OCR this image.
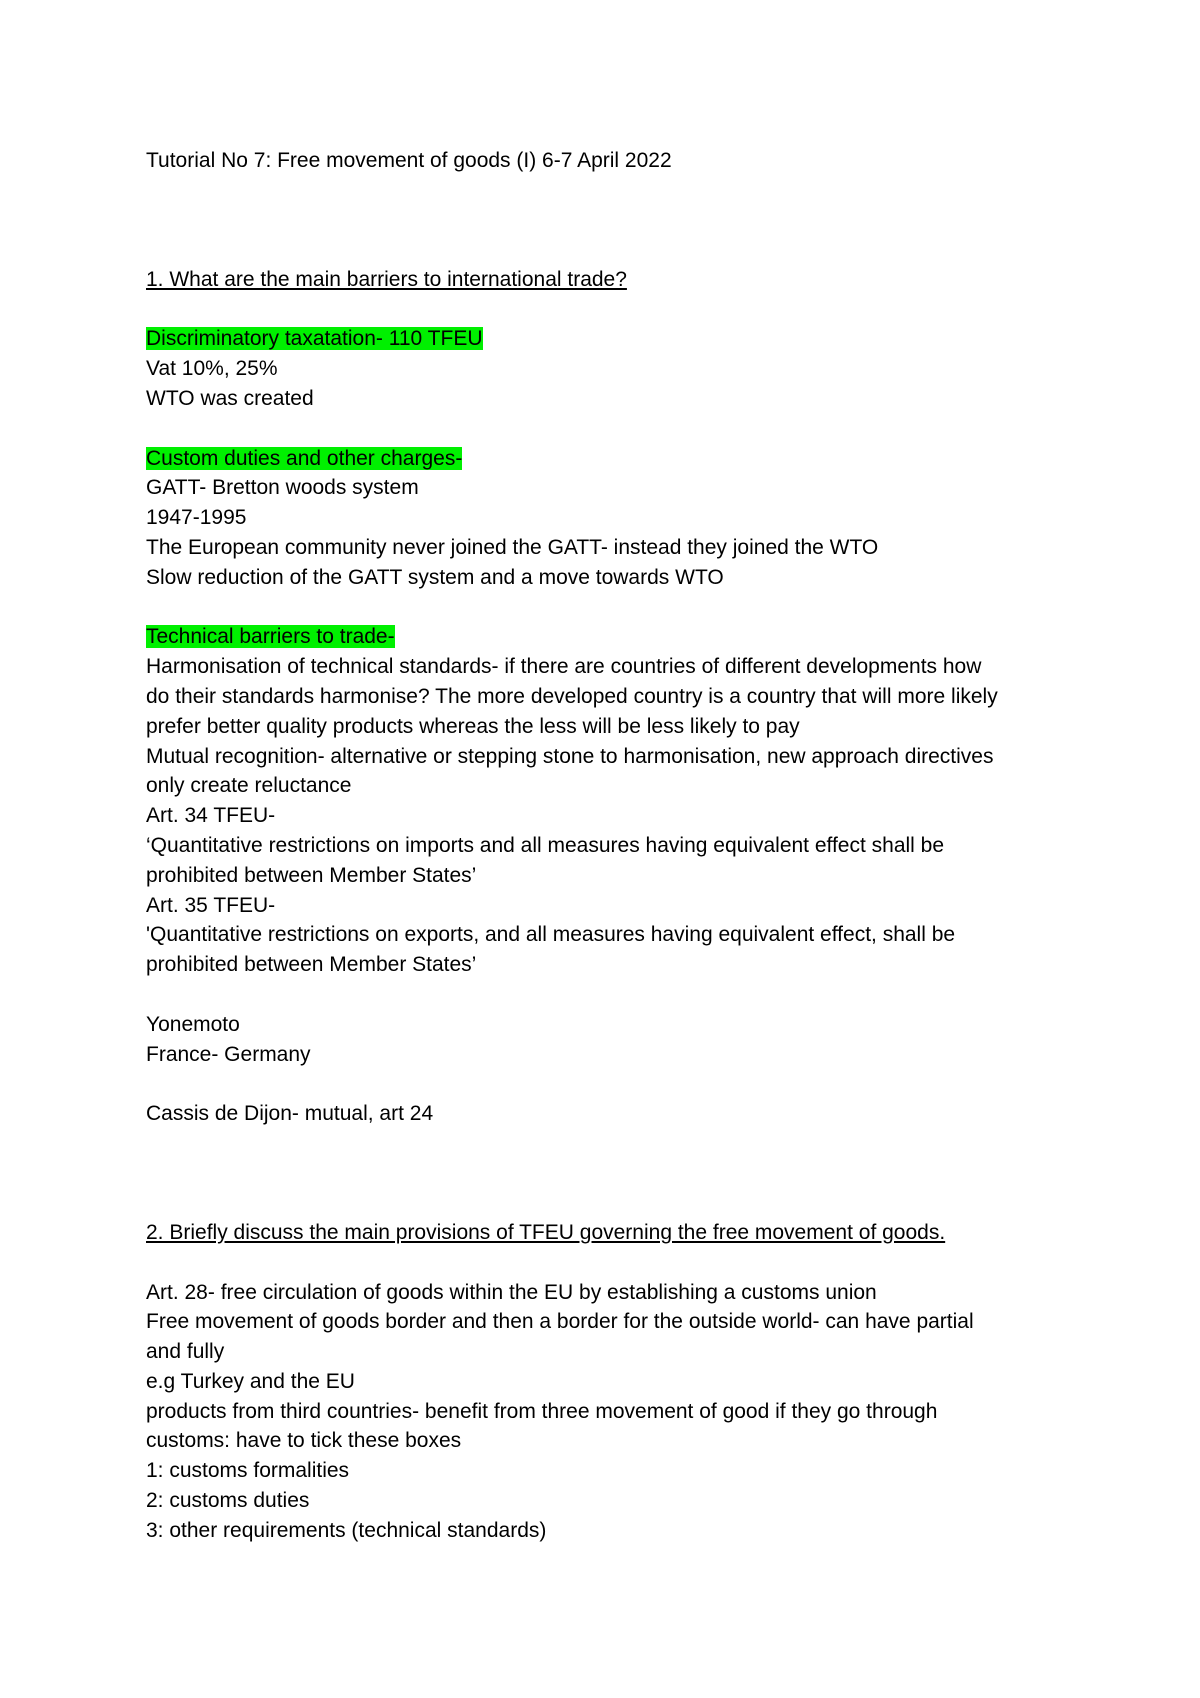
Tutorial No 7: Free movement of goods (I) 6-7 April 2022

1. What are the main barriers to international trade?

Discriminatory taxatation- 110 TFEU

Vat 10%, 25%

WTO was created

Custom duties and other charges-

GATT- Bretton woods system

1947-1995

The European community never joined the GATT- instead they joined the WTO

Slow reduction of the GATT system and a move towards WTO

Technical barriers to trade-

Harmonisation of technical standards- if there are countries of different developments how

do their standards harmonise? The more developed country is a country that will more likely

prefer better quality products whereas the less will be less likely to pay

Mutual recognition- alternative or stepping stone to harmonisation, new approach directives

only create reluctance

Art. 34 TFEU-

‘Quantitative restrictions on imports and all measures having equivalent effect shall be

prohibited between Member States’

Art. 35 TFEU-

'Quantitative restrictions on exports, and all measures having equivalent effect, shall be

prohibited between Member States’

Yonemoto

France- Germany

Cassis de Dijon- mutual, art 24

2. Briefly discuss the main provisions of TFEU governing the free movement of goods.

Art. 28- free circulation of goods within the EU by establishing a customs union

Free movement of goods border and then a border for the outside world- can have partial

and fully

e.g Turkey and the EU

products from third countries- benefit from three movement of good if they go through

customs: have to tick these boxes

1: customs formalities

2: customs duties

3: other requirements (technical standards)
